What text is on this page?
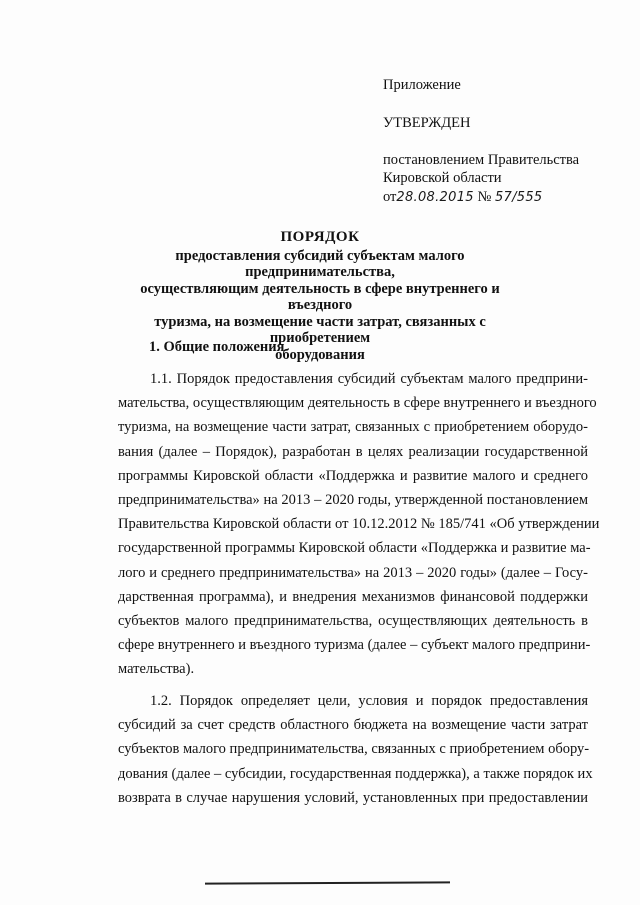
Приложение
УТВЕРЖДЕН
постановлением Правительства
Кировской области
от28.08.2015 № 57/555
ПОРЯДОК
предоставления субсидий субъектам малого предпринимательства,
осуществляющим деятельность в сфере внутреннего и въездного
туризма, на возмещение части затрат, связанных с приобретением
оборудования
1. Общие положения
1.1. Порядок предоставления субсидий субъектам малого предприни-
мательства, осуществляющим деятельность в сфере внутреннего и въездного
туризма, на возмещение части затрат, связанных с приобретением оборудо-
вания (далее – Порядок), разработан в целях реализации государственной
программы Кировской области «Поддержка и развитие малого и среднего
предпринимательства» на 2013 – 2020 годы, утвержденной постановлением
Правительства Кировской области от 10.12.2012 № 185/741 «Об утверждении
государственной программы Кировской области «Поддержка и развитие ма-
лого и среднего предпринимательства» на 2013 – 2020 годы» (далее – Госу-
дарственная программа), и внедрения механизмов финансовой поддержки
субъектов малого предпринимательства, осуществляющих деятельность в
сфере внутреннего и въездного туризма (далее – субъект малого предприни-
мательства).
1.2. Порядок определяет цели, условия и порядок предоставления
субсидий за счет средств областного бюджета на возмещение части затрат
субъектов малого предпринимательства, связанных с приобретением обору-
дования (далее – субсидии, государственная поддержка), а также порядок их
возврата в случае нарушения условий, установленных при предоставлении
